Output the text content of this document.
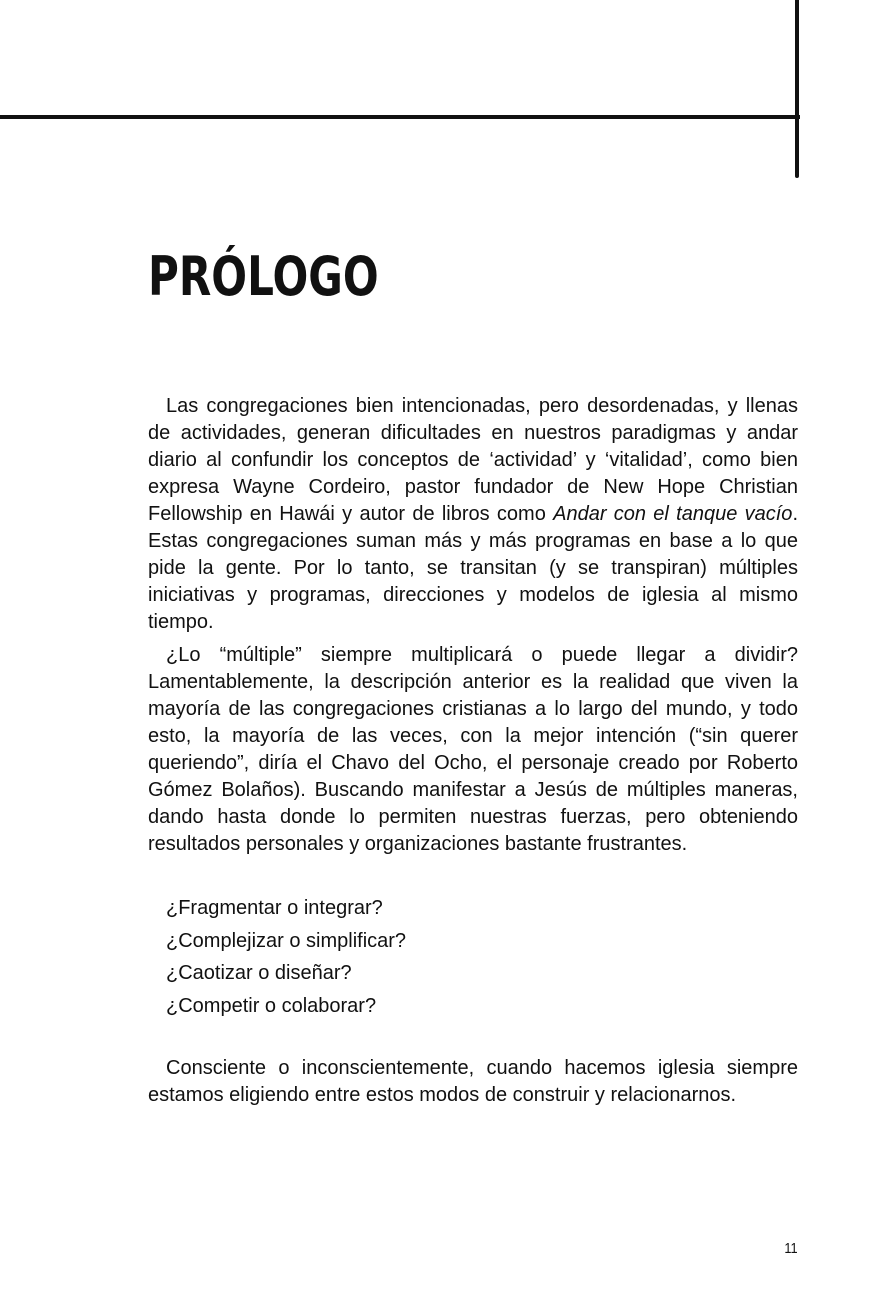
PRÓLOGO

Las congregaciones bien intencionadas, pero desordenadas, y llenas de actividades, generan dificultades en nuestros paradigmas y andar diario al confundir los conceptos de ‘actividad’ y ‘vitalidad’, como bien expresa Wayne Cordeiro, pastor fundador de New Hope Christian Fellowship en Hawái y autor de libros como Andar con el tanque vacío. Estas congregaciones suman más y más programas en base a lo que pide la gente. Por lo tanto, se transitan (y se transpiran) múltiples iniciativas y programas, direcciones y modelos de iglesia al mismo tiempo.

¿Lo “múltiple” siempre multiplicará o puede llegar a dividir? Lamentablemente, la descripción anterior es la realidad que viven la mayoría de las congregaciones cristianas a lo largo del mundo, y todo esto, la mayoría de las veces, con la mejor intención (“sin querer queriendo”, diría el Chavo del Ocho, el personaje creado por Roberto Gómez Bolaños). Buscando manifestar a Jesús de múltiples maneras, dando hasta donde lo permiten nuestras fuerzas, pero obteniendo resultados personales y organizaciones bastante frustrantes.

¿Fragmentar o integrar?
¿Complejizar o simplificar?
¿Caotizar o diseñar?
¿Competir o colaborar?

Consciente o inconscientemente, cuando hacemos iglesia siempre estamos eligiendo entre estos modos de construir y relacionarnos.

11
